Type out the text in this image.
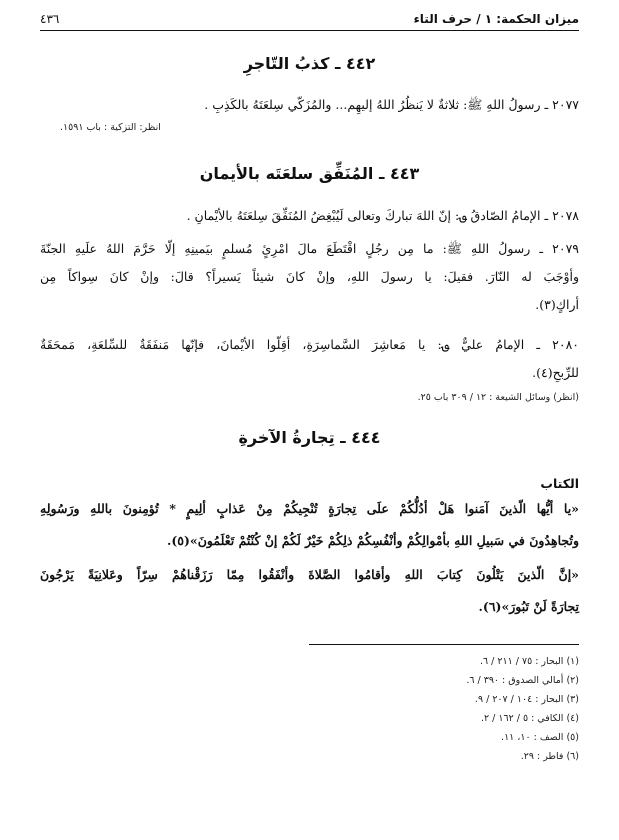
ميزان الحكمة: ١ / حرف التاء
٤٣٦
٤٤٢ ـ كذبُ التّاجرِ
٢٠٧٧ ـ رسولُ اللهِ ﷺ: ثلاثةٌ لا يَنظُرُ اللهُ إليهِم... والمُزَكّي سِلعَتَهُ بالكَذِبِ .
انظر: التزكية : باب ١٥٩١.
٤٤٣ ـ المُنَفِّق سلعَتَه بالأيمان
٢٠٧٨ ـ الإمامُ الصّادقُ ؈: إنّ اللهَ تباركَ وتعالى لَيُبْغِضُ المُنَفِّقَ سِلعَتَهُ بالأيْمانِ .
٢٠٧٩ ـ رسولُ اللهِ ﷺ: ما مِن رجُلٍ اقْتَطَعَ مالَ امْرِئٍ مُسلمٍ بيَمينِهِ إلّا حَرَّمَ اللهُ علَيهِ الجنّةَ
وأوْجَبَ له النّارَ. فقيلَ: يا رسولَ اللهِ، وإنْ كانَ شيئاً يَسيراً؟ قالَ: وإنْ كانَ سِواكاً مِن
أراكٍ(٣).
٢٠٨٠ ـ الإمامُ عليٌّ ؈: يا مَعاشِرَ السَّماسِرَةِ، أقِلّوا الأيْمانَ، فإنّها مَنفَقَةٌ للسِّلعَةِ، مَمحَقَةٌ
للرِّبحِ(٤).
(انظر) وسائل الشيعة : ١٢ / ٣٠٩ باب ٢٥.
٤٤٤ ـ تِجارةُ الآخرةِ
الكتاب
«يا أيُّها الّذينَ آمَنوا هَلْ أدُلُّكُمْ علَى تِجارَةٍ تُنْجِيكُمْ مِنْ عَذابٍ ألِيمٍ * تُؤمِنونَ باللهِ ورَسُولِهِ
وتُجاهِدُونَ في سَبيلِ اللهِ بأمْوالِكُمْ وأنْفُسِكُمْ ذلِكُمْ خَيْرٌ لَكُمْ إنْ كُنْتُمْ تَعْلَمُونَ»(٥).
«إنَّ الّذينَ يَتْلُونَ كِتابَ اللهِ وأقامُوا الصَّلاةَ وأنْفَقُوا مِمّا رَزَقْناهُمْ سِرّاً وعَلانِيَةً يَرْجُونَ
تِجارَةً لَنْ تَبُورَ»(٦).
(١) البحار : ٧٥ / ٢١١ / ٦.
(٢) أمالي الصدوق : ٣٩٠ / ٦.
(٣) البحار : ١٠٤ / ٢٠٧ / ٩.
(٤) الكافي : ٥ / ١٦٢ / ٢.
(٥) الصف : ١٠، ١١.
(٦) فاطر : ٢٩.
